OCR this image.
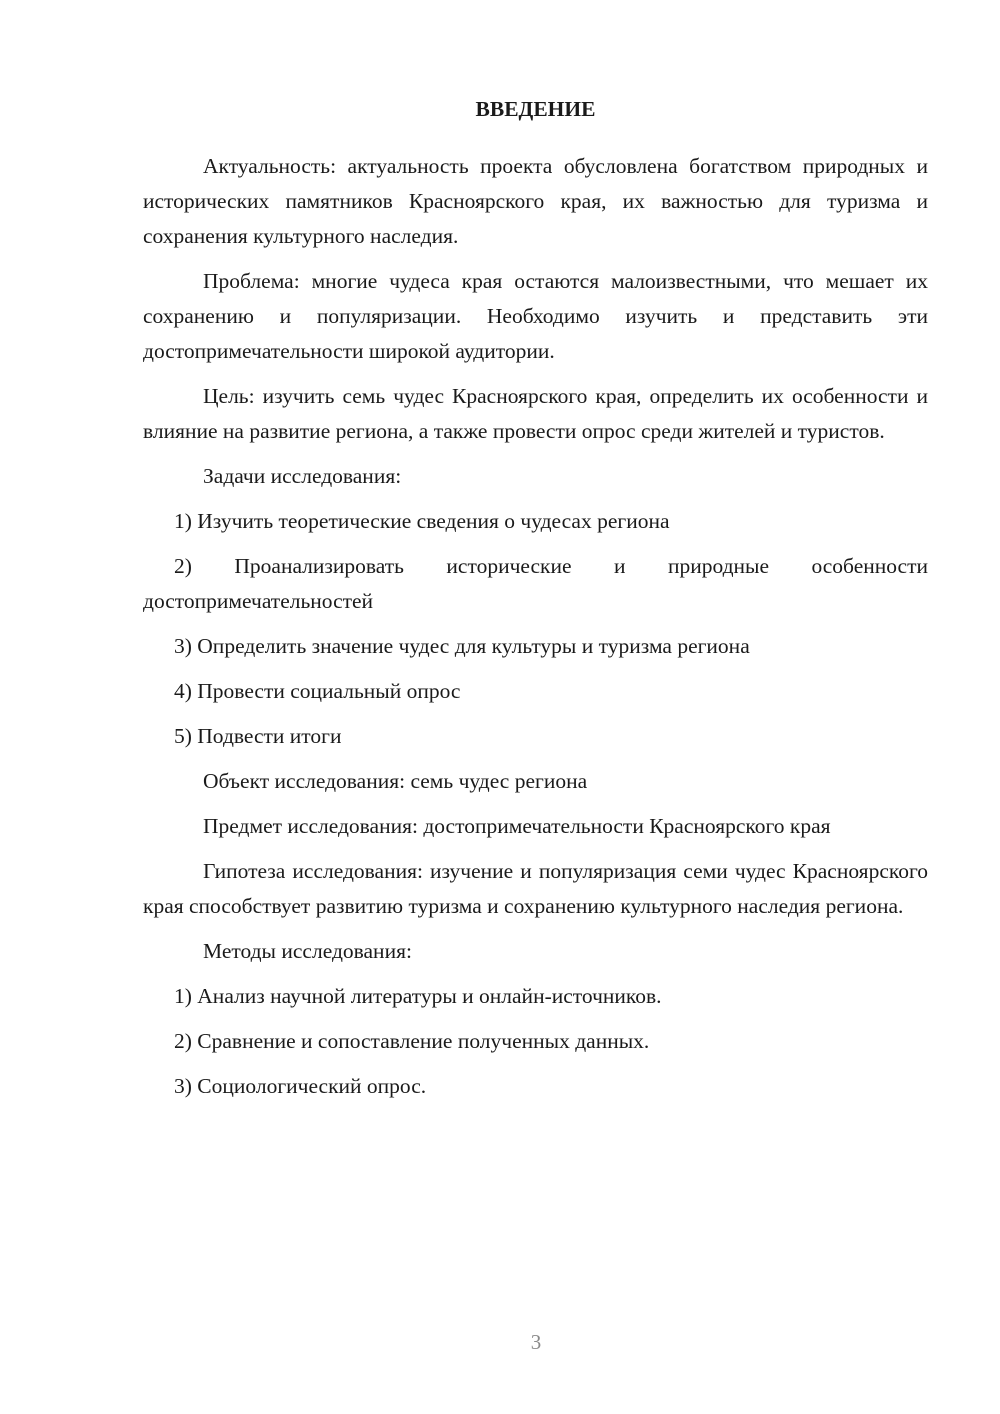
ВВЕДЕНИЕ

Актуальность: актуальность проекта обусловлена богатством природных и исторических памятников Красноярского края, их важностью для туризма и сохранения культурного наследия.

Проблема: многие чудеса края остаются малоизвестными, что мешает их сохранению и популяризации. Необходимо изучить и представить эти достопримечательности широкой аудитории.

Цель: изучить семь чудес Красноярского края, определить их особенности и влияние на развитие региона, а также провести опрос среди жителей и туристов.

Задачи исследования:

1) Изучить теоретические сведения о чудесах региона

2) Проанализировать исторические и природные особенности достопримечательностей

3) Определить значение чудес для культуры и туризма региона

4) Провести социальный опрос

5) Подвести итоги

Объект исследования: семь чудес региона

Предмет исследования: достопримечательности Красноярского края

Гипотеза исследования: изучение и популяризация семи чудес Красноярского края способствует развитию туризма и сохранению культурного наследия региона.

Методы исследования:

1) Анализ научной литературы и онлайн-источников.

2) Сравнение и сопоставление полученных данных.

3) Социологический опрос.

3
